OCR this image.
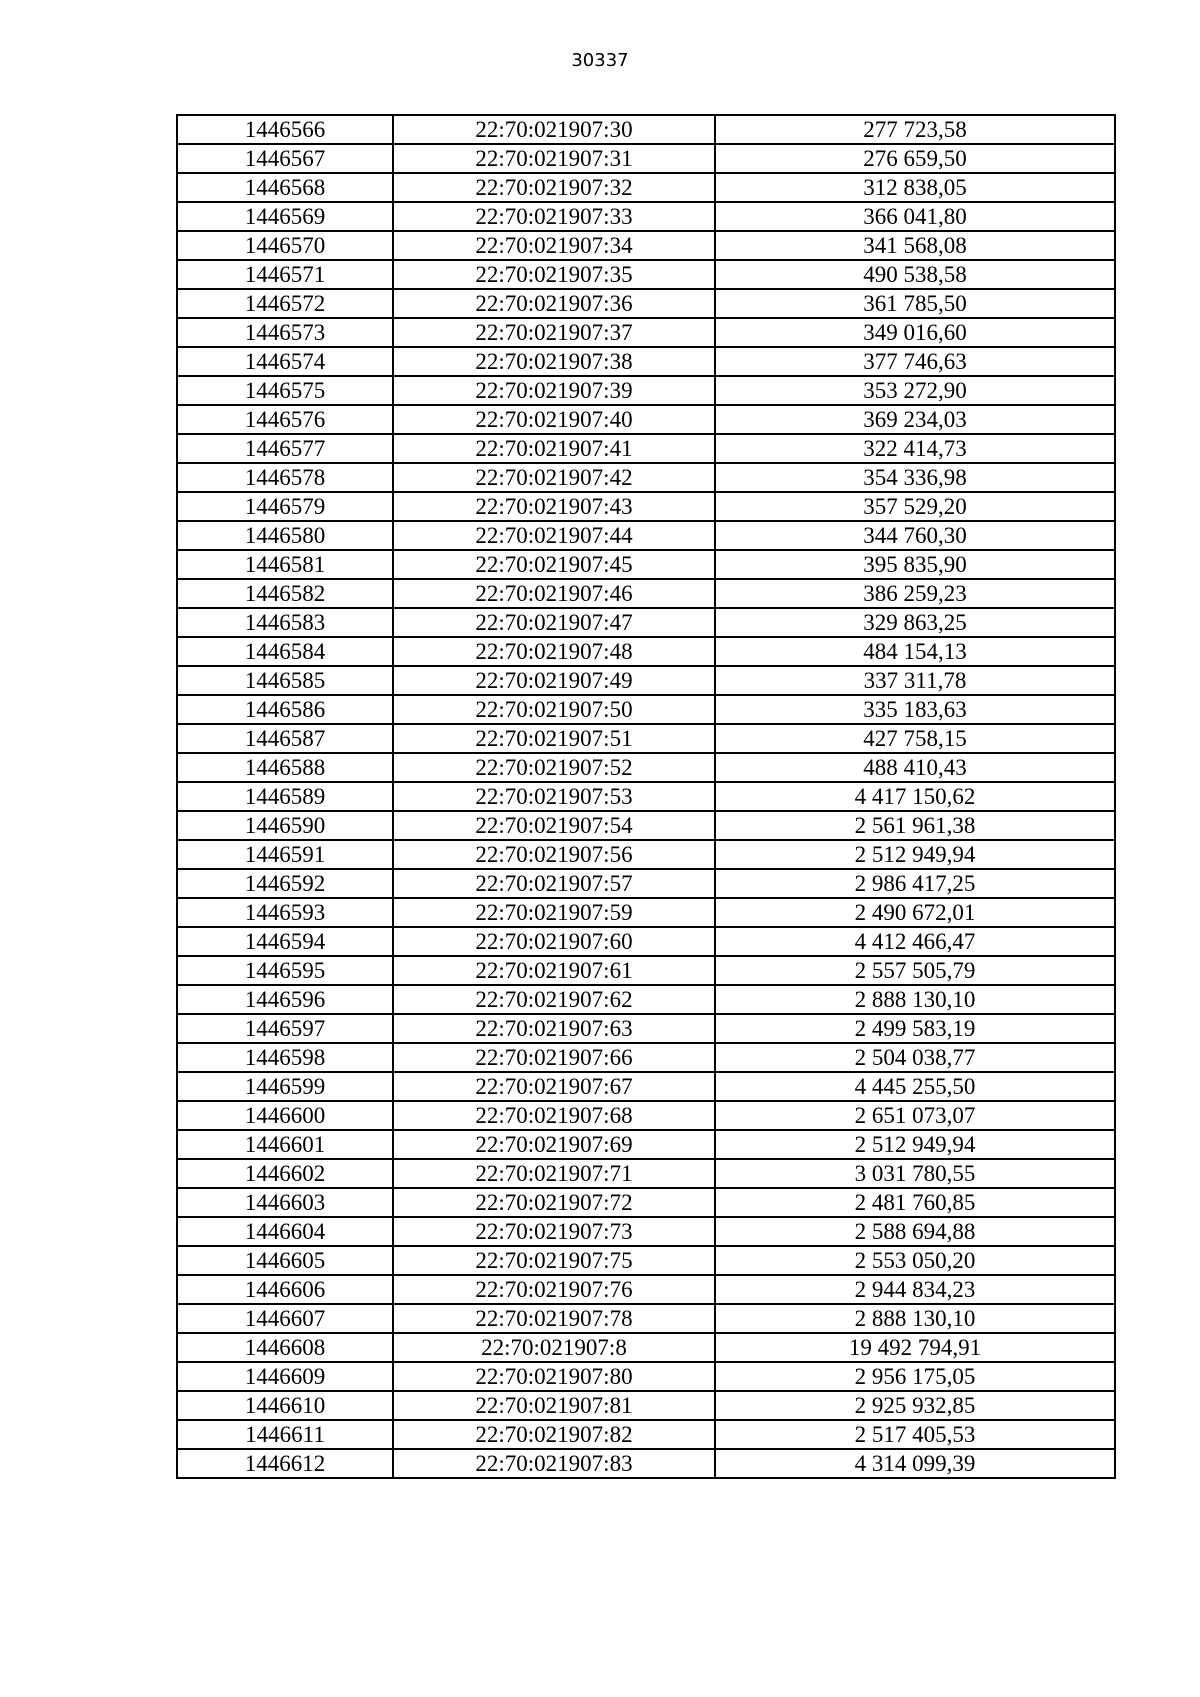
30337
1446566	22:70:021907:30	277 723,58
1446567	22:70:021907:31	276 659,50
1446568	22:70:021907:32	312 838,05
1446569	22:70:021907:33	366 041,80
1446570	22:70:021907:34	341 568,08
1446571	22:70:021907:35	490 538,58
1446572	22:70:021907:36	361 785,50
1446573	22:70:021907:37	349 016,60
1446574	22:70:021907:38	377 746,63
1446575	22:70:021907:39	353 272,90
1446576	22:70:021907:40	369 234,03
1446577	22:70:021907:41	322 414,73
1446578	22:70:021907:42	354 336,98
1446579	22:70:021907:43	357 529,20
1446580	22:70:021907:44	344 760,30
1446581	22:70:021907:45	395 835,90
1446582	22:70:021907:46	386 259,23
1446583	22:70:021907:47	329 863,25
1446584	22:70:021907:48	484 154,13
1446585	22:70:021907:49	337 311,78
1446586	22:70:021907:50	335 183,63
1446587	22:70:021907:51	427 758,15
1446588	22:70:021907:52	488 410,43
1446589	22:70:021907:53	4 417 150,62
1446590	22:70:021907:54	2 561 961,38
1446591	22:70:021907:56	2 512 949,94
1446592	22:70:021907:57	2 986 417,25
1446593	22:70:021907:59	2 490 672,01
1446594	22:70:021907:60	4 412 466,47
1446595	22:70:021907:61	2 557 505,79
1446596	22:70:021907:62	2 888 130,10
1446597	22:70:021907:63	2 499 583,19
1446598	22:70:021907:66	2 504 038,77
1446599	22:70:021907:67	4 445 255,50
1446600	22:70:021907:68	2 651 073,07
1446601	22:70:021907:69	2 512 949,94
1446602	22:70:021907:71	3 031 780,55
1446603	22:70:021907:72	2 481 760,85
1446604	22:70:021907:73	2 588 694,88
1446605	22:70:021907:75	2 553 050,20
1446606	22:70:021907:76	2 944 834,23
1446607	22:70:021907:78	2 888 130,10
1446608	22:70:021907:8	19 492 794,91
1446609	22:70:021907:80	2 956 175,05
1446610	22:70:021907:81	2 925 932,85
1446611	22:70:021907:82	2 517 405,53
1446612	22:70:021907:83	4 314 099,39
